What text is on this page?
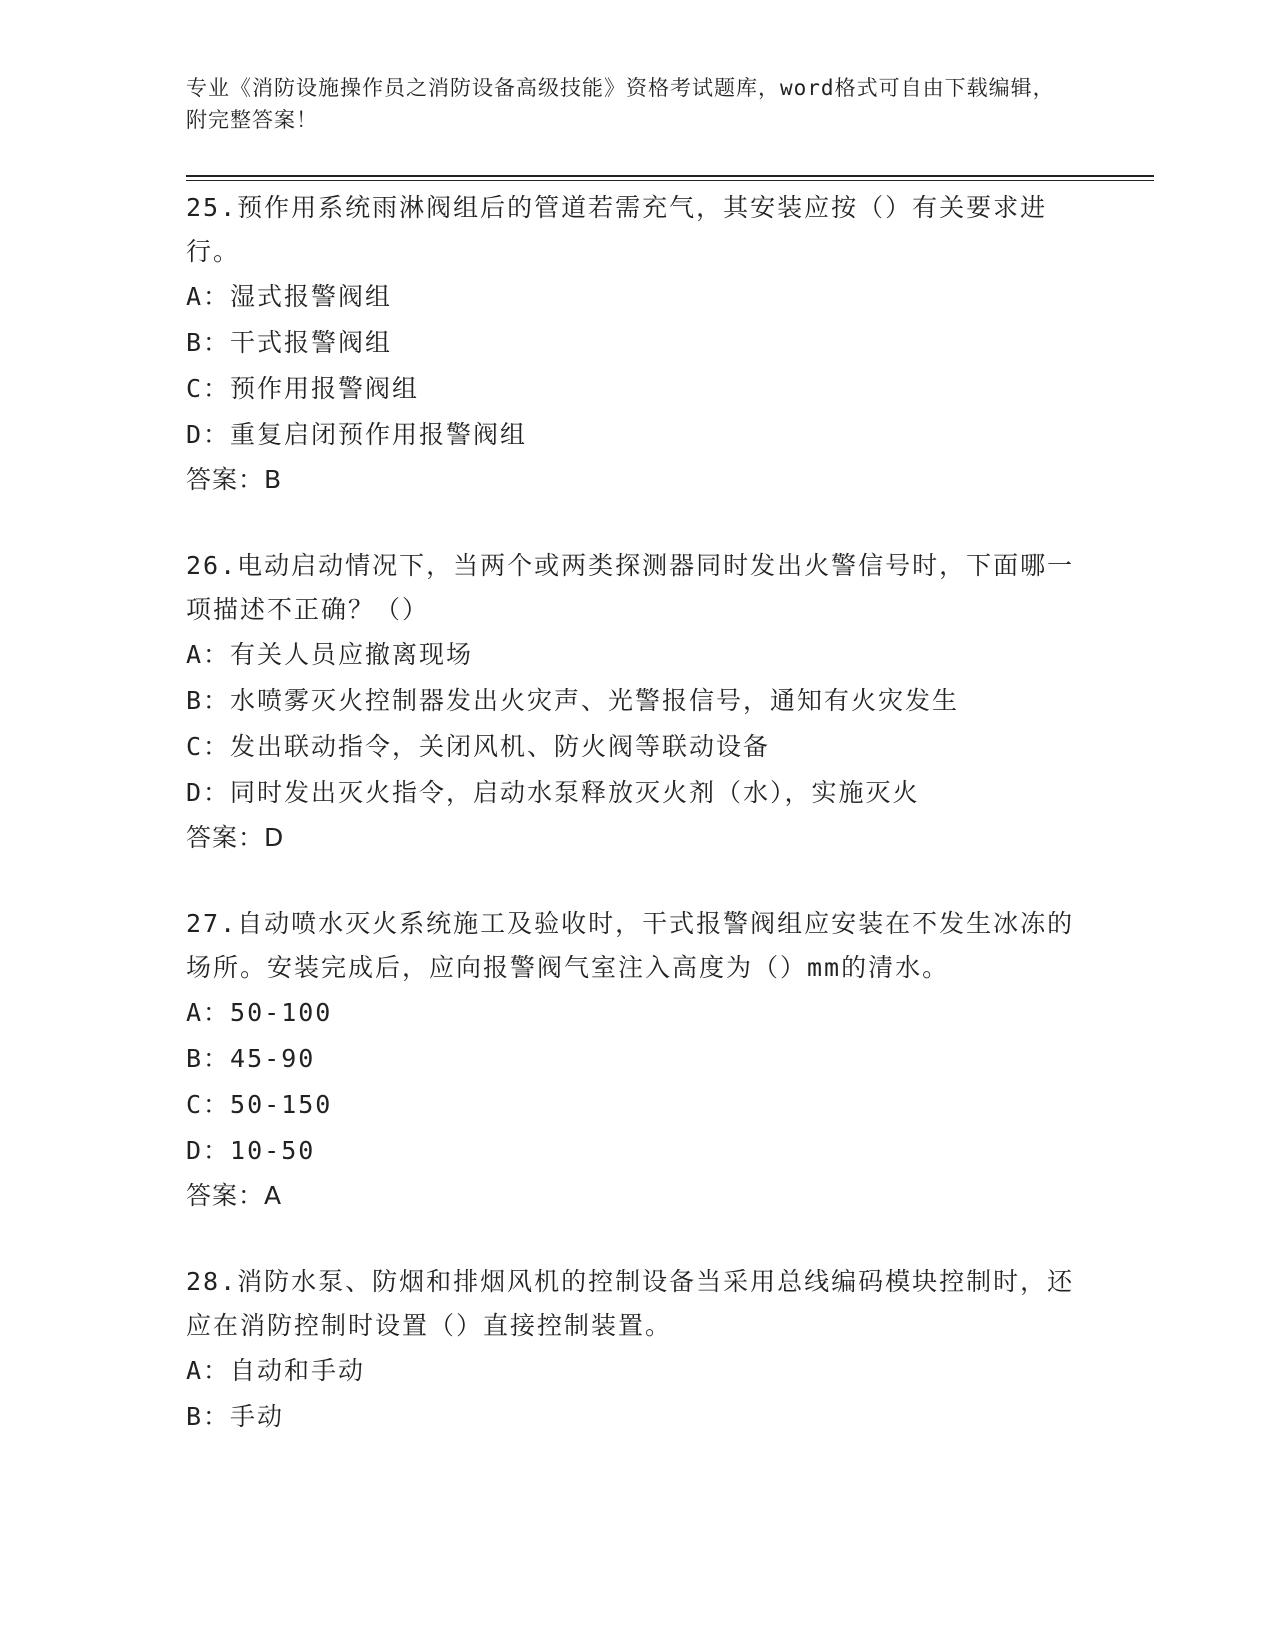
专业《消防设施操作员之消防设备高级技能》资格考试题库，word格式可自由下载编辑，附完整答案！

25.预作用系统雨淋阀组后的管道若需充气，其安装应按（）有关要求进行。

A：湿式报警阀组

B：干式报警阀组

C：预作用报警阀组

D：重复启闭预作用报警阀组

答案：B

26.电动启动情况下，当两个或两类探测器同时发出火警信号时，下面哪一项描述不正确？（）

A：有关人员应撤离现场

B：水喷雾灭火控制器发出火灾声、光警报信号，通知有火灾发生

C：发出联动指令，关闭风机、防火阀等联动设备

D：同时发出灭火指令，启动水泵释放灭火剂（水），实施灭火

答案：D

27.自动喷水灭火系统施工及验收时，干式报警阀组应安装在不发生冰冻的场所。安装完成后，应向报警阀气室注入高度为（）mm的清水。

A：50-100

B：45-90

C：50-150

D：10-50

答案：A

28.消防水泵、防烟和排烟风机的控制设备当采用总线编码模块控制时，还应在消防控制时设置（）直接控制装置。

A：自动和手动

B：手动
